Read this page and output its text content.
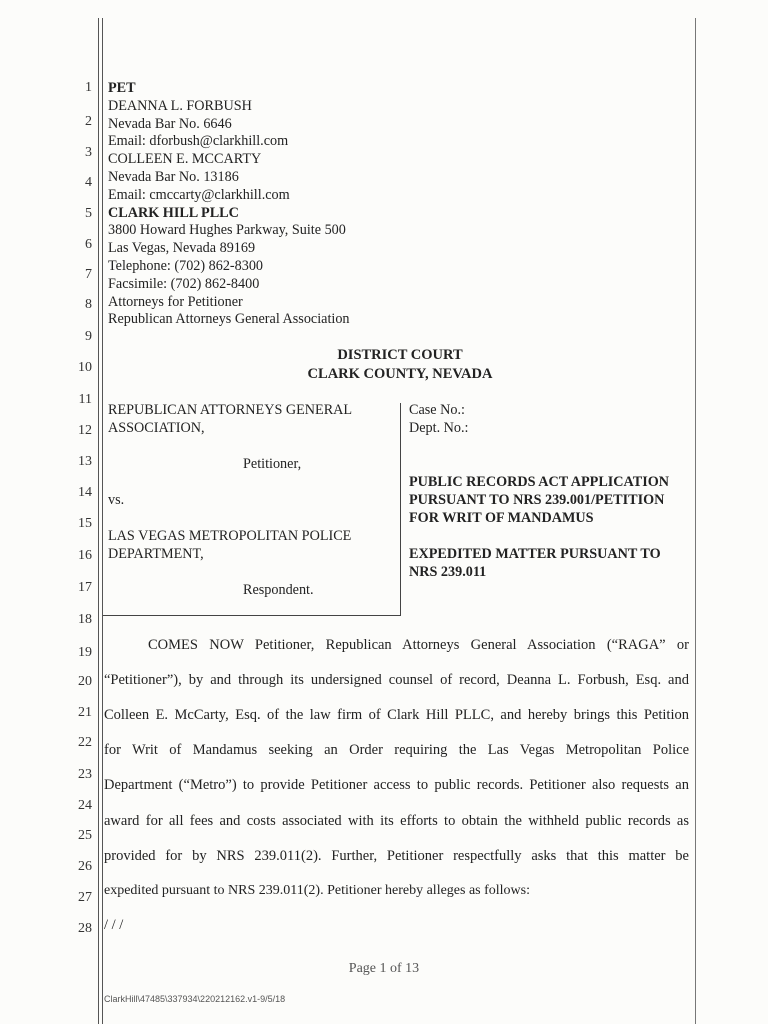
1
2
3
4
5
6
7
8
9
10
11
12
13
14
15
16
17
18
19
20
21
22
23
24
25
26
27
28
PET
DEANNA L. FORBUSH
Nevada Bar No. 6646
Email: dforbush@clarkhill.com
COLLEEN E. MCCARTY
Nevada Bar No. 13186
Email: cmccarty@clarkhill.com
CLARK HILL PLLC
3800 Howard Hughes Parkway, Suite 500
Las Vegas, Nevada 89169
Telephone: (702) 862-8300
Facsimile: (702) 862-8400
Attorneys for Petitioner
Republican Attorneys General Association
DISTRICT COURT
CLARK COUNTY, NEVADA
REPUBLICAN ATTORNEYS GENERAL
ASSOCIATION,
Petitioner,
vs.
LAS VEGAS METROPOLITAN POLICE
DEPARTMENT,
Respondent.
Case No.:
Dept. No.:
PUBLIC RECORDS ACT APPLICATION
PURSUANT TO NRS 239.001/PETITION
FOR WRIT OF MANDAMUS
EXPEDITED MATTER PURSUANT TO
NRS 239.011
COMES NOW Petitioner, Republican Attorneys General Association (“RAGA” or
“Petitioner”), by and through its undersigned counsel of record, Deanna L. Forbush, Esq. and
Colleen E. McCarty, Esq. of the law firm of Clark Hill PLLC, and hereby brings this Petition
for Writ of Mandamus seeking an Order requiring the Las Vegas Metropolitan Police
Department (“Metro”) to provide Petitioner access to public records. Petitioner also requests an
award for all fees and costs associated with its efforts to obtain the withheld public records as
provided for by NRS 239.011(2). Further, Petitioner respectfully asks that this matter be
expedited pursuant to NRS 239.011(2). Petitioner hereby alleges as follows:
/ / /
Page 1 of 13
ClarkHill\47485\337934\220212162.v1-9/5/18
